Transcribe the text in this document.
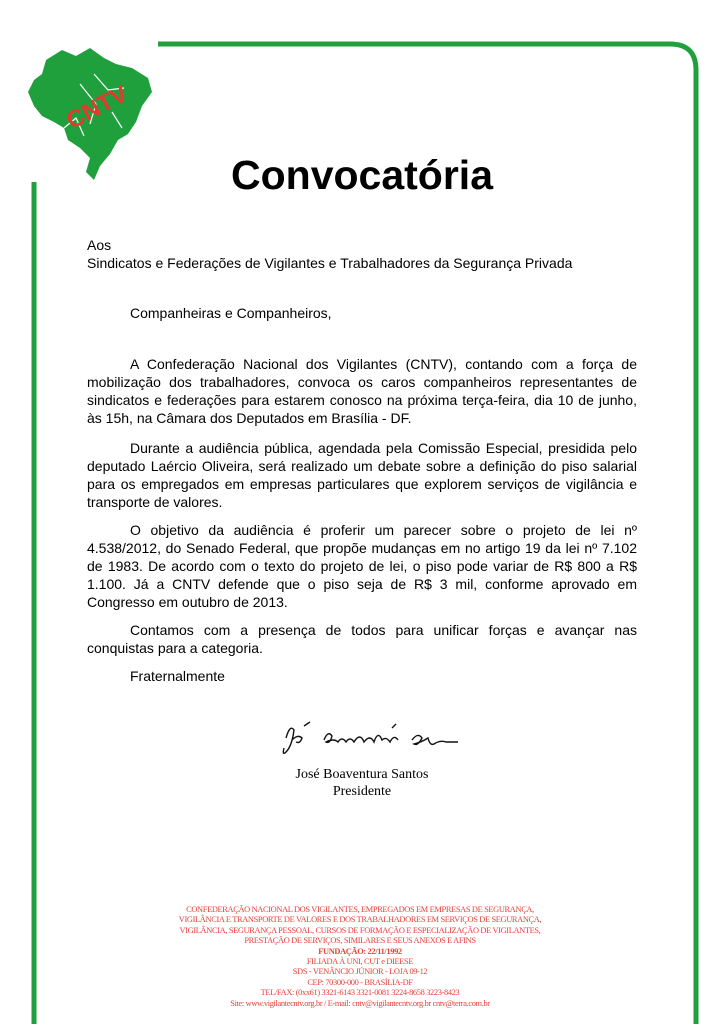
CNTV
Convocatória
Aos
Sindicatos e Federações de Vigilantes e Trabalhadores da Segurança Privada
Companheiras e Companheiros,

A Confederação Nacional dos Vigilantes (CNTV), contando com a força de mobilização dos trabalhadores, convoca os caros companheiros representantes de sindicatos e federações para estarem conosco na próxima terça-feira, dia 10 de junho, às 15h, na Câmara dos Deputados em Brasília - DF.

Durante a audiência pública, agendada pela Comissão Especial, presidida pelo deputado Laércio Oliveira, será realizado um debate sobre a definição do piso salarial para os empregados em empresas particulares que explorem serviços de vigilância e transporte de valores.

O objetivo da audiência é proferir um parecer sobre o projeto de lei nº 4.538/2012, do Senado Federal, que propõe mudanças em no artigo 19 da lei nº 7.102 de 1983. De acordo com o texto do projeto de lei, o piso pode variar de R$ 800 a R$ 1.100. Já a CNTV defende que o piso seja de R$ 3 mil, conforme aprovado em Congresso em outubro de 2013.

Contamos com a presença de todos para unificar forças e avançar nas conquistas para a categoria.

Fraternalmente
José Boaventura Santos
Presidente
CONFEDERAÇÃO NACIONAL DOS VIGILANTES, EMPREGADOS EM EMPRESAS DE SEGURANÇA,
VIGILÂNCIA E TRANSPORTE DE VALORES E DOS TRABALHADORES EM SERVIÇOS DE SEGURANÇA,
VIGILÂNCIA, SEGURANÇA PESSOAL, CURSOS DE FORMAÇÃO E ESPECIALIZAÇÃO DE VIGILANTES,
PRESTAÇÃO DE SERVIÇOS, SIMILARES E SEUS ANEXOS E AFINS
FUNDAÇÃO: 22/11/1992
FILIADA À UNI, CUT e DIEESE
SDS - VENÂNCIO JÚNIOR - LOJA 09-12
CEP: 70300-000 - BRASÍLIA-DF
TEL/FAX: (0xx61) 3321-6143 3321-0081 3224-8658 3223-8423
Site: www.vigilantecntv.org.br / E-mail: cntv@vigilantecntv.org.br cntv@terra.com.br
